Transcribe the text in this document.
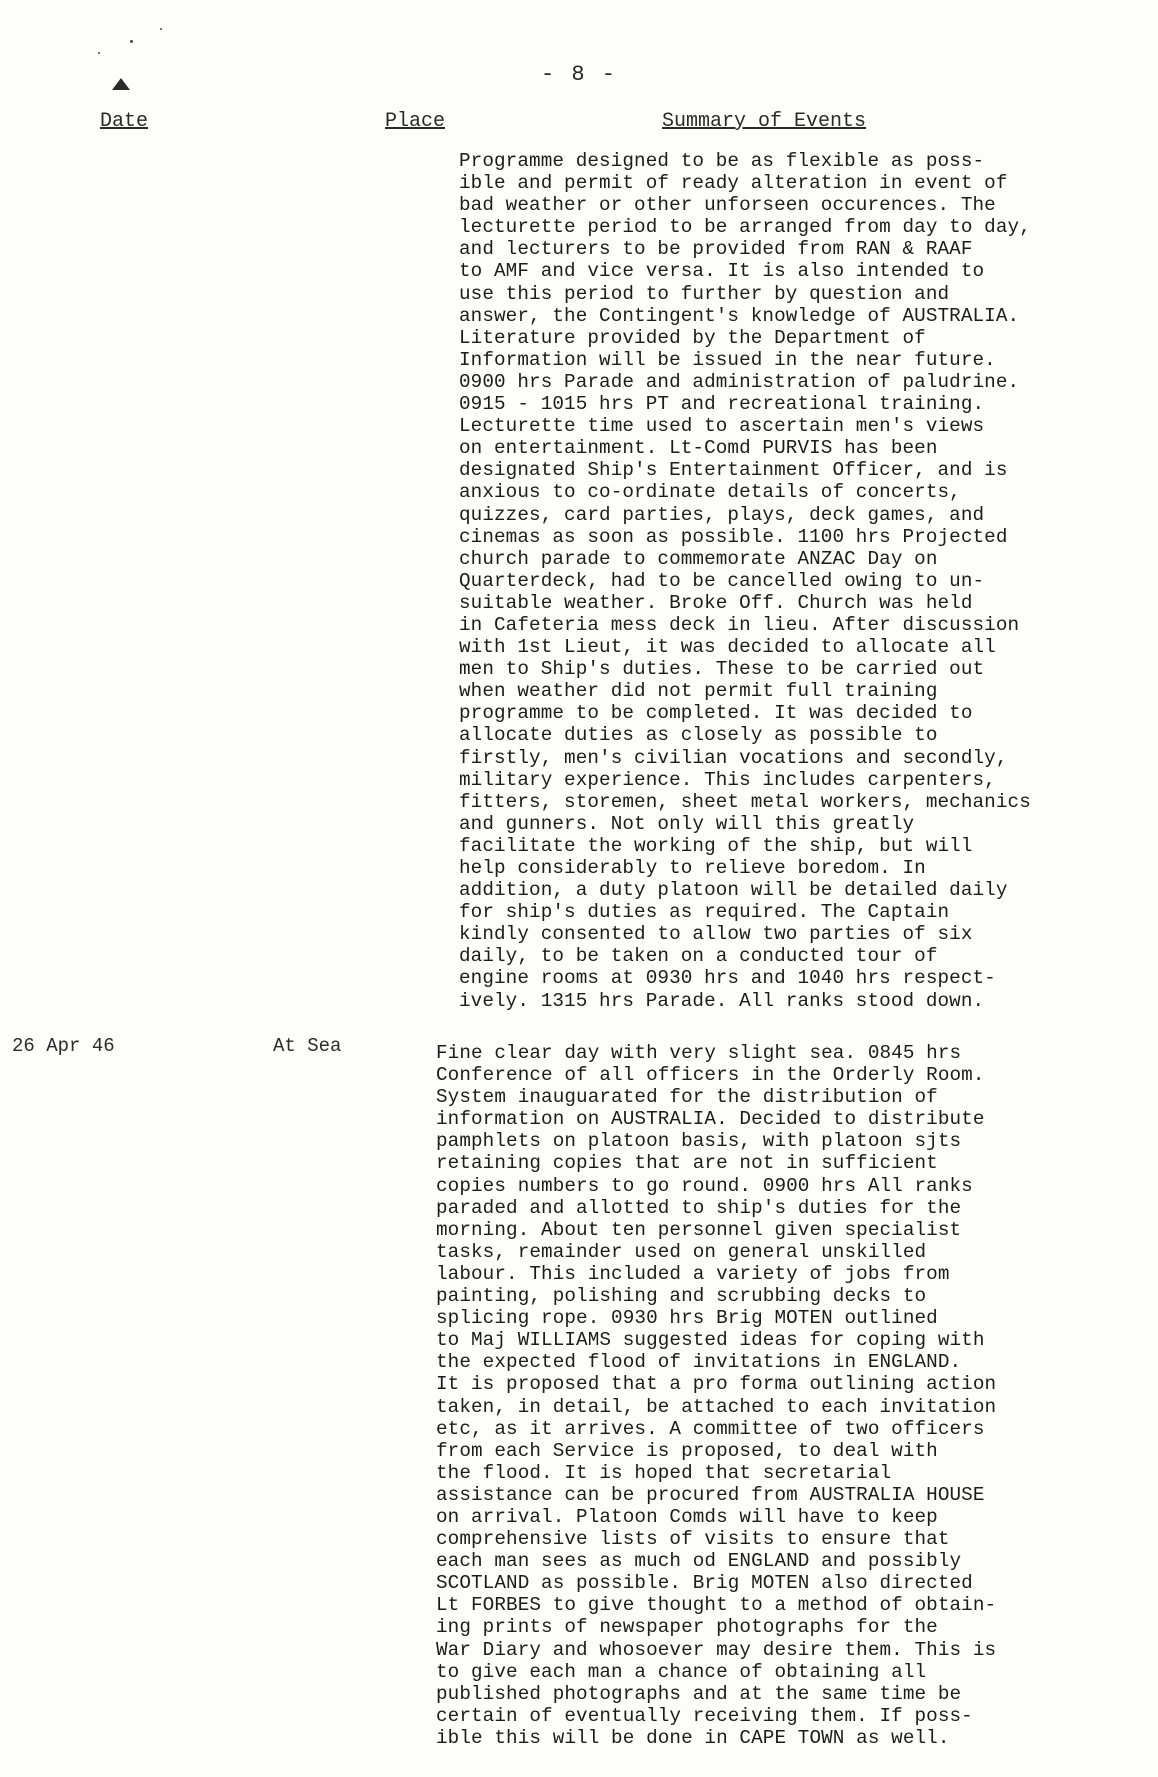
- 8 -
Date	Place	Summary of Events
Programme designed to be as flexible as poss-
ible and permit of ready alteration in event of
bad weather or other unforseen occurences. The
lecturette period to be arranged from day to day,
and lecturers to be provided from RAN & RAAF
to AMF and vice versa. It is also intended to
use this period to further by question and
answer, the Contingent's knowledge of AUSTRALIA.
Literature provided by the Department of
Information will be issued in the near future.
0900 hrs Parade and administration of paludrine.
0915 - 1015 hrs PT and recreational training.
Lecturette time used to ascertain men's views
on entertainment. Lt-Comd PURVIS has been
designated Ship's Entertainment Officer, and is
anxious to co-ordinate details of concerts,
quizzes, card parties, plays, deck games, and
cinemas as soon as possible. 1100 hrs Projected
church parade to commemorate ANZAC Day on
Quarterdeck, had to be cancelled owing to un-
suitable weather. Broke Off. Church was held
in Cafeteria mess deck in lieu. After discussion
with 1st Lieut, it was decided to allocate all
men to Ship's duties. These to be carried out
when weather did not permit full training
programme to be completed. It was decided to
allocate duties as closely as possible to
firstly, men's civilian vocations and secondly,
military experience. This includes carpenters,
fitters, storemen, sheet metal workers, mechanics
and gunners. Not only will this greatly
facilitate the working of the ship, but will
help considerably to relieve boredom. In
addition, a duty platoon will be detailed daily
for ship's duties as required. The Captain
kindly consented to allow two parties of six
daily, to be taken on a conducted tour of
engine rooms at 0930 hrs and 1040 hrs respect-
ively. 1315 hrs Parade. All ranks stood down.
26 Apr 46	At Sea	Fine clear day with very slight sea. 0845 hrs
Conference of all officers in the Orderly Room.
System inauguarated for the distribution of
information on AUSTRALIA. Decided to distribute
pamphlets on platoon basis, with platoon sjts
retaining copies that are not in sufficient
copies numbers to go round. 0900 hrs All ranks
paraded and allotted to ship's duties for the
morning. About ten personnel given specialist
tasks, remainder used on general unskilled
labour. This included a variety of jobs from
painting, polishing and scrubbing decks to
splicing rope. 0930 hrs Brig MOTEN outlined
to Maj WILLIAMS suggested ideas for coping with
the expected flood of invitations in ENGLAND.
It is proposed that a pro forma outlining action
taken, in detail, be attached to each invitation
etc, as it arrives. A committee of two officers
from each Service is proposed, to deal with
the flood. It is hoped that secretarial
assistance can be procured from AUSTRALIA HOUSE
on arrival. Platoon Comds will have to keep
comprehensive lists of visits to ensure that
each man sees as much od ENGLAND and possibly
SCOTLAND as possible. Brig MOTEN also directed
Lt FORBES to give thought to a method of obtain-
ing prints of newspaper photographs for the
War Diary and whosoever may desire them. This is
to give each man a chance of obtaining all
published photographs and at the same time be
certain of eventually receiving them. If poss-
ible this will be done in CAPE TOWN as well.
